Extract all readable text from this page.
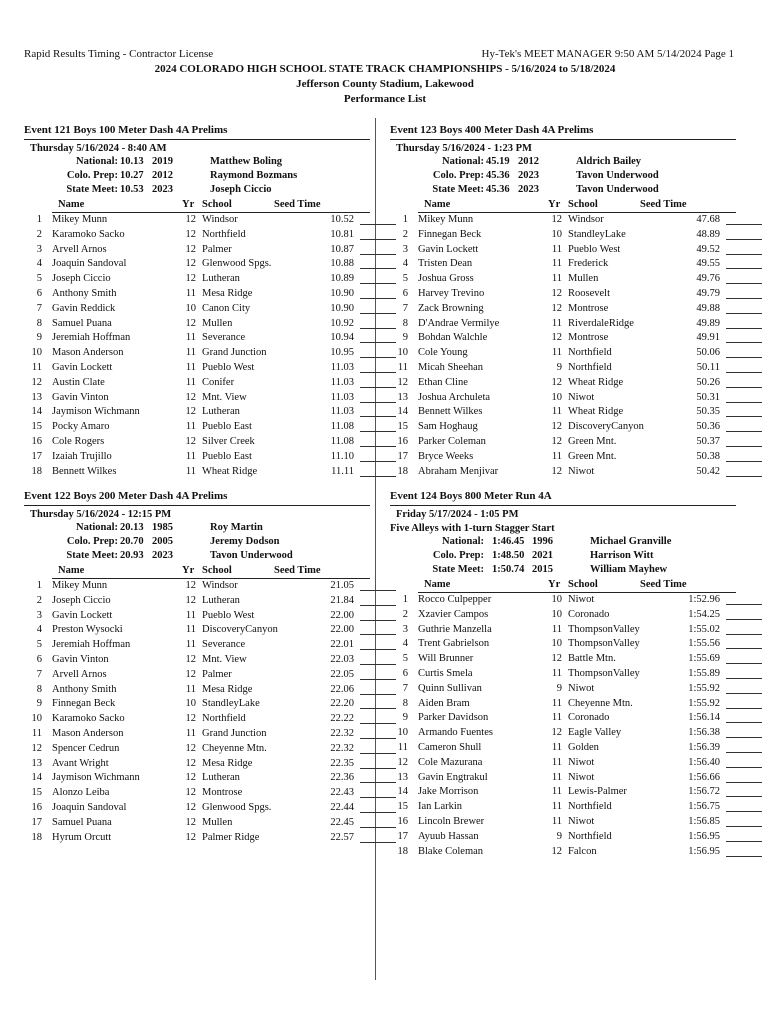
Rapid Results Timing - Contractor License	Hy-Tek's MEET MANAGER 9:50 AM 5/14/2024 Page 1
2024 COLORADO HIGH SCHOOL STATE TRACK CHAMPIONSHIPS - 5/16/2024 to 5/18/2024
Jefferson County Stadium, Lakewood
Performance List
Event 121 Boys 100 Meter Dash 4A Prelims
Thursday 5/16/2024 - 8:40 AM
National: 10.13 2019	Matthew Boling
Colo. Prep: 10.27 2012	Raymond Bozmans
State Meet: 10.53 2023	Joseph Ciccio
Name	Yr School	Seed Time
1 Mikey Munn	12 Windsor	10.52
2 Karamoko Sacko	12 Northfield	10.81
3 Arvell Arnos	12 Palmer	10.87
4 Joaquin Sandoval	12 Glenwood Spgs.	10.88
5 Joseph Ciccio	12 Lutheran	10.89
6 Anthony Smith	11 Mesa Ridge	10.90
7 Gavin Reddick	10 Canon City	10.90
8 Samuel Puana	12 Mullen	10.92
9 Jeremiah Hoffman	11 Severance	10.94
10 Mason Anderson	11 Grand Junction	10.95
11 Gavin Lockett	11 Pueblo West	11.03
12 Austin Clate	11 Conifer	11.03
13 Gavin Vinton	12 Mnt. View	11.03
14 Jaymison Wichmann	12 Lutheran	11.03
15 Pocky Amaro	11 Pueblo East	11.08
16 Cole Rogers	12 Silver Creek	11.08
17 Izaiah Trujillo	11 Pueblo East	11.10
18 Bennett Wilkes	11 Wheat Ridge	11.11
Event 122 Boys 200 Meter Dash 4A Prelims
Thursday 5/16/2024 - 12:15 PM
National: 20.13 1985	Roy Martin
Colo. Prep: 20.70 2005	Jeremy Dodson
State Meet: 20.93 2023	Tavon Underwood
Name	Yr School	Seed Time
1 Mikey Munn	12 Windsor	21.05
2 Joseph Ciccio	12 Lutheran	21.84
3 Gavin Lockett	11 Pueblo West	22.00
4 Preston Wysocki	11 DiscoveryCanyon	22.00
5 Jeremiah Hoffman	11 Severance	22.01
6 Gavin Vinton	12 Mnt. View	22.03
7 Arvell Arnos	12 Palmer	22.05
8 Anthony Smith	11 Mesa Ridge	22.06
9 Finnegan Beck	10 StandleyLake	22.20
10 Karamoko Sacko	12 Northfield	22.22
11 Mason Anderson	11 Grand Junction	22.32
12 Spencer Cedrun	12 Cheyenne Mtn.	22.32
13 Avant Wright	12 Mesa Ridge	22.35
14 Jaymison Wichmann	12 Lutheran	22.36
15 Alonzo Leiba	12 Montrose	22.43
16 Joaquin Sandoval	12 Glenwood Spgs.	22.44
17 Samuel Puana	12 Mullen	22.45
18 Hyrum Orcutt	12 Palmer Ridge	22.57
Event 123 Boys 400 Meter Dash 4A Prelims
Thursday 5/16/2024 - 1:23 PM
National: 45.19 2012	Aldrich Bailey
Colo. Prep: 45.36 2023	Tavon Underwood
State Meet: 45.36 2023	Tavon Underwood
Name	Yr School	Seed Time
1 Mikey Munn	12 Windsor	47.68
2 Finnegan Beck	10 StandleyLake	48.89
3 Gavin Lockett	11 Pueblo West	49.52
4 Tristen Dean	11 Frederick	49.55
5 Joshua Gross	11 Mullen	49.76
6 Harvey Trevino	12 Roosevelt	49.79
7 Zack Browning	12 Montrose	49.88
8 D'Andrae Vermilye	11 RiverdaleRidge	49.89
9 Bohdan Walchle	12 Montrose	49.91
10 Cole Young	11 Northfield	50.06
11 Micah Sheehan	9 Northfield	50.11
12 Ethan Cline	12 Wheat Ridge	50.26
13 Joshua Archuleta	10 Niwot	50.31
14 Bennett Wilkes	11 Wheat Ridge	50.35
15 Sam Hoghaug	12 DiscoveryCanyon	50.36
16 Parker Coleman	12 Green Mnt.	50.37
17 Bryce Weeks	11 Green Mnt.	50.38
18 Abraham Menjivar	12 Niwot	50.42
Event 124 Boys 800 Meter Run 4A
Friday 5/17/2024 - 1:05 PM
Five Alleys with 1-turn Stagger Start
National: 1:46.45 1996	Michael Granville
Colo. Prep: 1:48.50 2021	Harrison Witt
State Meet: 1:50.74 2015	William Mayhew
Name	Yr School	Seed Time
1 Rocco Culpepper	10 Niwot	1:52.96
2 Xzavier Campos	10 Coronado	1:54.25
3 Guthrie Manzella	11 ThompsonValley	1:55.02
4 Trent Gabrielson	10 ThompsonValley	1:55.56
5 Will Brunner	12 Battle Mtn.	1:55.69
6 Curtis Smela	11 ThompsonValley	1:55.89
7 Quinn Sullivan	9 Niwot	1:55.92
8 Aiden Bram	11 Cheyenne Mtn.	1:55.92
9 Parker Davidson	11 Coronado	1:56.14
10 Armando Fuentes	12 Eagle Valley	1:56.38
11 Cameron Shull	11 Golden	1:56.39
12 Cole Mazurana	11 Niwot	1:56.40
13 Gavin Engtrakul	11 Niwot	1:56.66
14 Jake Morrison	11 Lewis-Palmer	1:56.72
15 Ian Larkin	11 Northfield	1:56.75
16 Lincoln Brewer	11 Niwot	1:56.85
17 Ayuub Hassan	9 Northfield	1:56.95
18 Blake Coleman	12 Falcon	1:56.95
